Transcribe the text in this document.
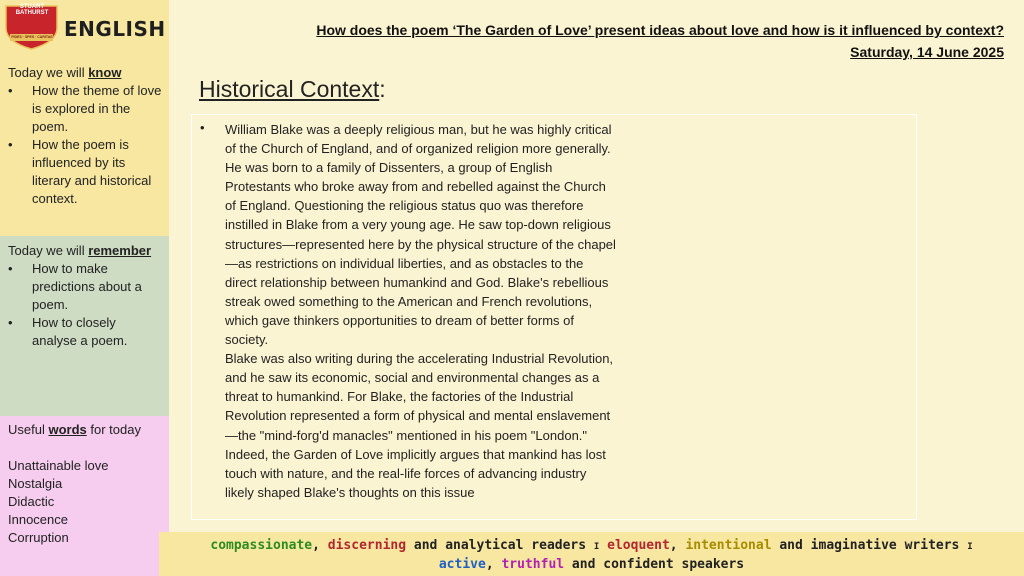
STUART
BATHURST
FIDES · SPES · CARITAS ENGLISH
Today we will know
• How the theme of love is explored in the poem.
• How the poem is influenced by its literary and historical context.
Today we will remember
• How to make predictions about a poem.
• How to closely analyse a poem.
Useful words for today
Unattainable love
Nostalgia
Didactic
Innocence
Corruption
How does the poem ‘The Garden of Love’ present ideas about love and how is it influenced by context?
Saturday, 14 June 2025
Historical Context:
• William Blake was a deeply religious man, but he was highly critical of the Church of England, and of organized religion more generally. He was born to a family of Dissenters, a group of English Protestants who broke away from and rebelled against the Church of England. Questioning the religious status quo was therefore instilled in Blake from a very young age. He saw top-down religious structures—represented here by the physical structure of the chapel—as restrictions on individual liberties, and as obstacles to the direct relationship between humankind and God. Blake's rebellious streak owed something to the American and French revolutions, which gave thinkers opportunities to dream of better forms of society.

Blake was also writing during the accelerating Industrial Revolution, and he saw its economic, social and environmental changes as a threat to humankind. For Blake, the factories of the Industrial Revolution represented a form of physical and mental enslavement—the "mind-forg'd manacles" mentioned in his poem "London." Indeed, the Garden of Love implicitly argues that mankind has lost touch with nature, and the real-life forces of advancing industry likely shaped Blake's thoughts on this issue

compassionate, discerning and analytical readers I eloquent, intentional and imaginative writers I
active, truthful and confident speakers
